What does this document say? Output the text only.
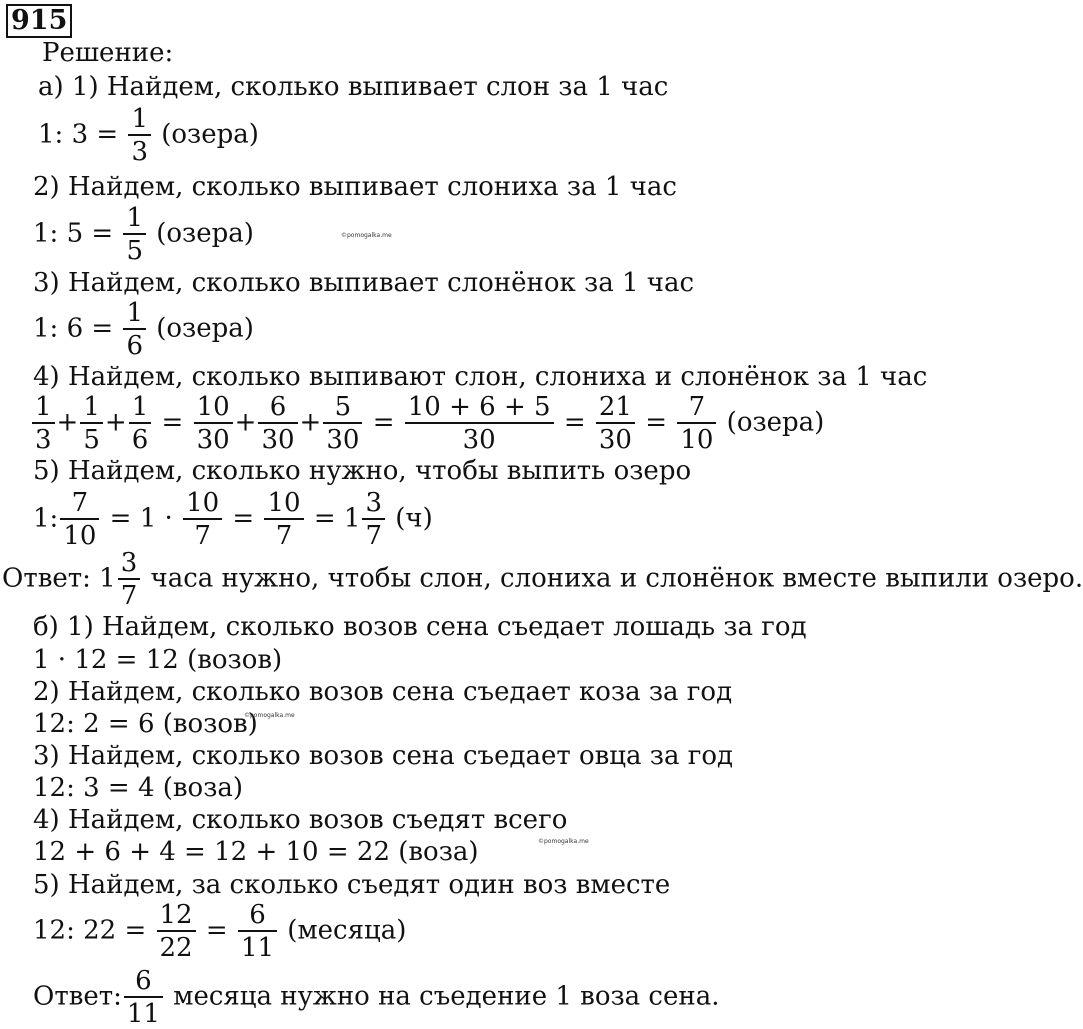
915
Решение:
а) 1) Найдем, сколько выпивает слон за 1 час
1: $3 = \frac{1}{3}$ (озера)
2) Найдем, сколько выпивает слониха за 1 час
1: $5 = \frac{1}{5}$ (озера)	©pomogalka.me
3) Найдем, сколько выпивает слонёнок за 1 час
1: $6 = \frac{1}{6}$ (озера)
4) Найдем, сколько выпивают слон, слониха и слонёнок за 1 час
$\frac{1}{3} + \frac{1}{5} + \frac{1}{6} = \frac{10}{30} + \frac{6}{30} + \frac{5}{30} = \frac{10 + 6 + 5}{30} = \frac{21}{30} = \frac{7}{10}$ (озера)
5) Найдем, сколько нужно, чтобы выпить озеро
1: $\frac{7}{10} = 1 \cdot \frac{10}{7} = \frac{10}{7} = 1 \frac{3}{7} (ч)$
Ответ: $1 \frac{3}{7}$ часа нужно, чтобы слон, слониха и слонёнок вместе выпили озеро.
б) 1) Найдем, сколько возов сена съедает лошадь за год
1 · 12 = 12 (возов)
2) Найдем, сколько возов сена съедает коза за год
12: 2 = 6 (возов)
©pomogalka.me
3) Найдем, сколько возов сена съедает овца за год
12: 3 = 4 (воза)
4) Найдем, сколько возов съедят всего
12 + 6 + 4 = 12 + 10 = 22 (воза)	©pomogalka.me
5) Найдем, за сколько съедят один воз вместе
12: $22 = \frac{12}{22} = \frac{6}{11}$ (месяца)
Ответ: $\frac{6}{11}$ месяца нужно на съедение 1 воза сена.
